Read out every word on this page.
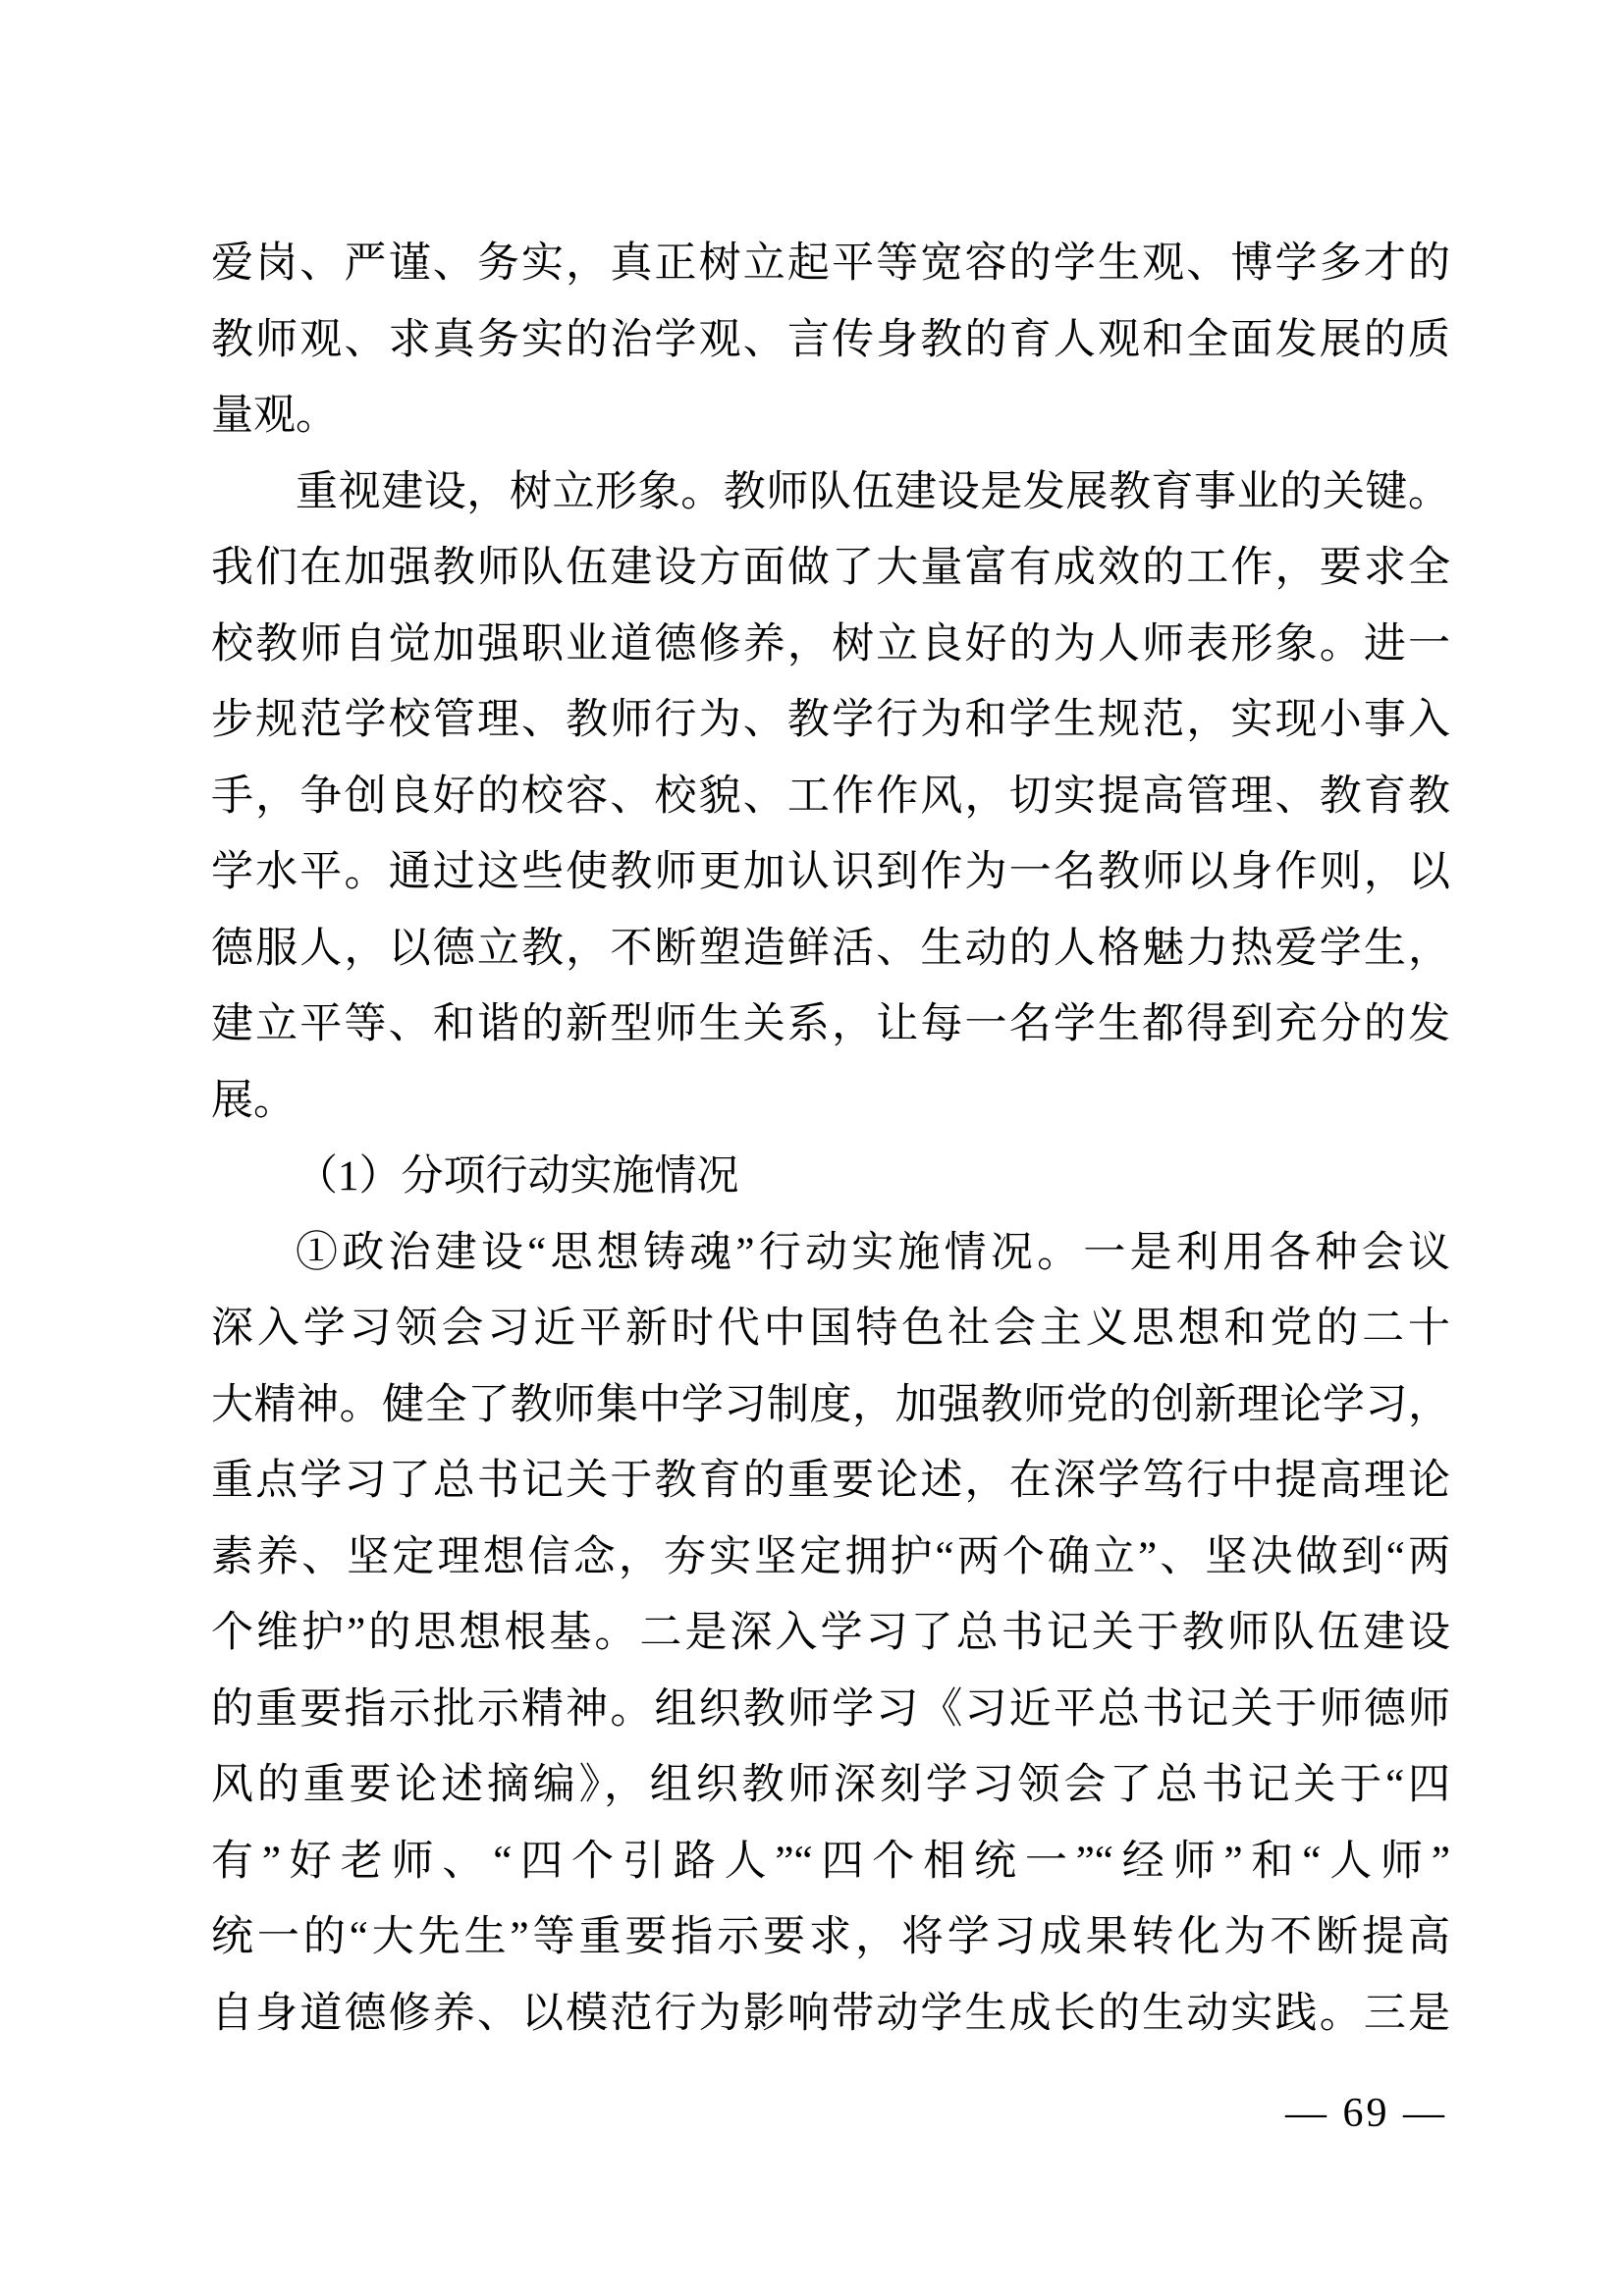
爱岗、严谨、务实，真正树立起平等宽容的学生观、博学多才的
教师观、求真务实的治学观、言传身教的育人观和全面发展的质
量观。
重视建设，树立形象。教师队伍建设是发展教育事业的关键。
我们在加强教师队伍建设方面做了大量富有成效的工作，要求全
校教师自觉加强职业道德修养，树立良好的为人师表形象。进一
步规范学校管理、教师行为、教学行为和学生规范，实现小事入
手，争创良好的校容、校貌、工作作风，切实提高管理、教育教
学水平。通过这些使教师更加认识到作为一名教师以身作则，以
德服人，以德立教，不断塑造鲜活、生动的人格魅力热爱学生，
建立平等、和谐的新型师生关系，让每一名学生都得到充分的发
展。
（1）分项行动实施情况
①政治建设“思想铸魂”行动实施情况。一是利用各种会议
深入学习领会习近平新时代中国特色社会主义思想和党的二十
大精神。健全了教师集中学习制度，加强教师党的创新理论学习，
重点学习了总书记关于教育的重要论述，在深学笃行中提高理论
素养、坚定理想信念，夯实坚定拥护“两个确立”、坚决做到“两
个维护”的思想根基。二是深入学习了总书记关于教师队伍建设
的重要指示批示精神。组织教师学习《习近平总书记关于师德师
风的重要论述摘编》，组织教师深刻学习领会了总书记关于“四
有”好老师、“四个引路人”“四个相统一”“经师”和“人师”
统一的“大先生”等重要指示要求，将学习成果转化为不断提高
自身道德修养、以模范行为影响带动学生成长的生动实践。三是
— 69 —
